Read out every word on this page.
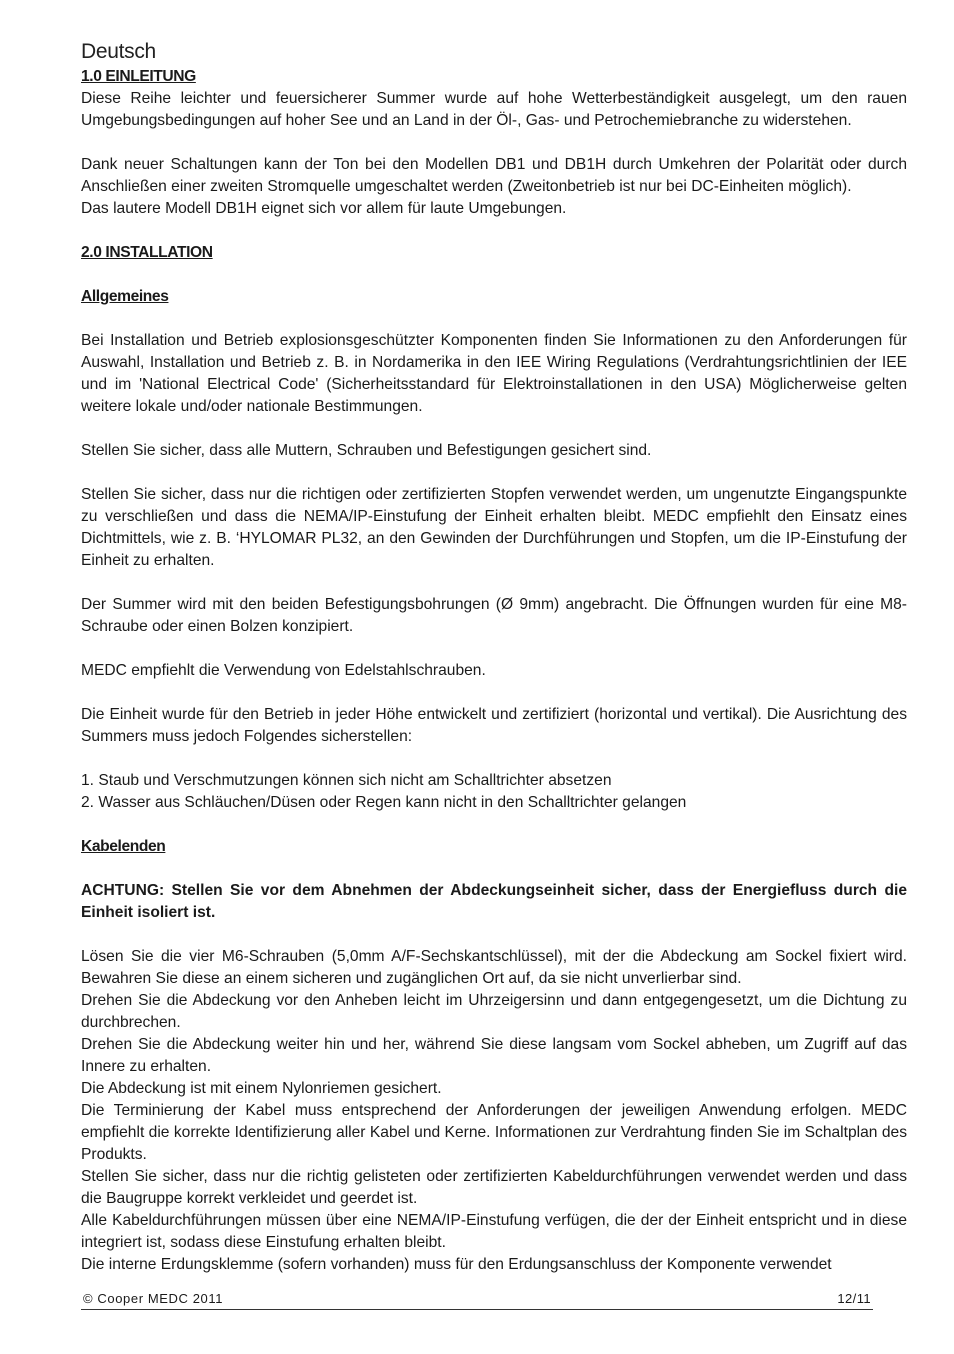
Deutsch
1.0 EINLEITUNG

Diese Reihe leichter und feuersicherer Summer wurde auf hohe Wetterbeständigkeit ausgelegt, um den rauen Umgebungsbedingungen auf hoher See und an Land in der Öl-, Gas- und Petrochemiebranche zu widerstehen.

Dank neuer Schaltungen kann der Ton bei den Modellen DB1 und DB1H durch Umkehren der Polarität oder durch Anschließen einer zweiten Stromquelle umgeschaltet werden (Zweitonbetrieb ist nur bei DC-Einheiten möglich).

Das lautere Modell DB1H eignet sich vor allem für laute Umgebungen.

2.0 INSTALLATION
Allgemeines

Bei Installation und Betrieb explosionsgeschützter Komponenten finden Sie Informationen zu den Anforderungen für Auswahl, Installation und Betrieb z. B. in Nordamerika in den IEE Wiring Regulations (Verdrahtungsrichtlinien der IEE und im 'National Electrical Code' (Sicherheitsstandard für Elektroinstallationen in den USA) Möglicherweise gelten weitere lokale und/oder nationale Bestimmungen.

Stellen Sie sicher, dass alle Muttern, Schrauben und Befestigungen gesichert sind.

Stellen Sie sicher, dass nur die richtigen oder zertifizierten Stopfen verwendet werden, um ungenutzte Eingangspunkte zu verschließen und dass die NEMA/IP-Einstufung der Einheit erhalten bleibt. MEDC empfiehlt den Einsatz eines Dichtmittels, wie z. B. ‘HYLOMAR PL32, an den Gewinden der Durchführungen und Stopfen, um die IP-Einstufung der Einheit zu erhalten.

Der Summer wird mit den beiden Befestigungsbohrungen (Ø 9mm) angebracht. Die Öffnungen wurden für eine M8-Schraube oder einen Bolzen konzipiert.

MEDC empfiehlt die Verwendung von Edelstahlschrauben.

Die Einheit wurde für den Betrieb in jeder Höhe entwickelt und zertifiziert (horizontal und vertikal). Die Ausrichtung des Summers muss jedoch Folgendes sicherstellen:

1. Staub und Verschmutzungen können sich nicht am Schalltrichter absetzen

2. Wasser aus Schläuchen/Düsen oder Regen kann nicht in den Schalltrichter gelangen

Kabelenden

ACHTUNG: Stellen Sie vor dem Abnehmen der Abdeckungseinheit sicher, dass der Energiefluss durch die Einheit isoliert ist.

Lösen Sie die vier M6-Schrauben (5,0mm A/F-Sechskantschlüssel), mit der die Abdeckung am Sockel fixiert wird. Bewahren Sie diese an einem sicheren und zugänglichen Ort auf, da sie nicht unverlierbar sind.

Drehen Sie die Abdeckung vor den Anheben leicht im Uhrzeigersinn und dann entgegengesetzt, um die Dichtung zu durchbrechen.

Drehen Sie die Abdeckung weiter hin und her, während Sie diese langsam vom Sockel abheben, um Zugriff auf das Innere zu erhalten.

Die Abdeckung ist mit einem Nylonriemen gesichert.

Die Terminierung der Kabel muss entsprechend der Anforderungen der jeweiligen Anwendung erfolgen. MEDC empfiehlt die korrekte Identifizierung aller Kabel und Kerne. Informationen zur Verdrahtung finden Sie im Schaltplan des Produkts.

Stellen Sie sicher, dass nur die richtig gelisteten oder zertifizierten Kabeldurchführungen verwendet werden und dass die Baugruppe korrekt verkleidet und geerdet ist.

Alle Kabeldurchführungen müssen über eine NEMA/IP-Einstufung verfügen, die der der Einheit entspricht und in diese integriert ist, sodass diese Einstufung erhalten bleibt.

Die interne Erdungsklemme (sofern vorhanden) muss für den Erdungsanschluss der Komponente verwendet

© Cooper MEDC 2011	12/11
